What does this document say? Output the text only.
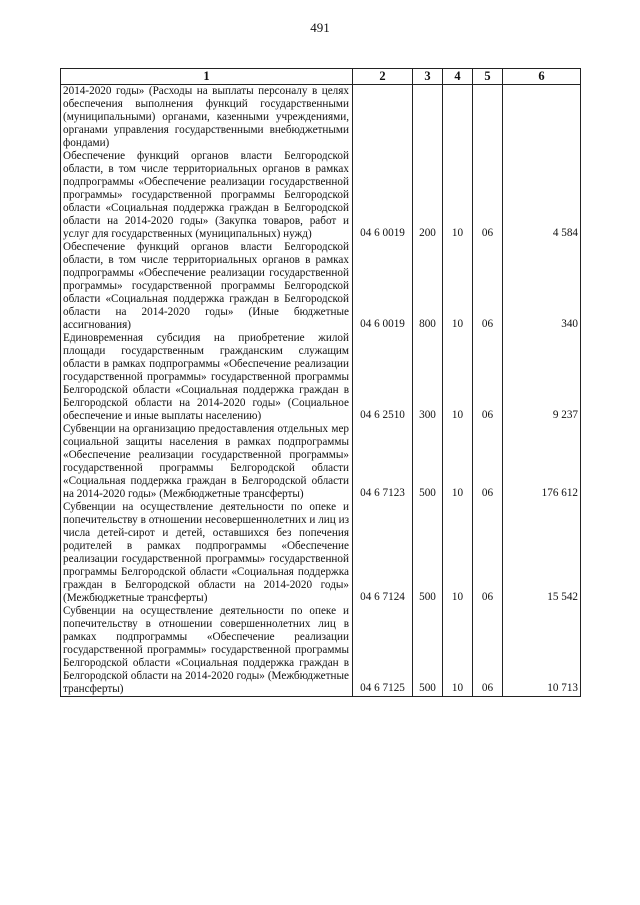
491
1	2	3	4	5	6
2014-2020 годы» (Расходы на выплаты персоналу в целях обеспечения выполнения функций государственными (муниципальными) органами, казенными учреждениями, органами управления государственными внебюджетными фондами)					
Обеспечение функций органов власти Белгородской области, в том числе территориальных органов в рамках подпрограммы «Обеспечение реализации государственной программы» государственной программы Белгородской области «Социальная поддержка граждан в Белгородской области на 2014-2020 годы» (Закупка товаров, работ и услуг для государственных (муниципальных) нужд)	04 6 0019	200	10	06	4 584
Обеспечение функций органов власти Белгородской области, в том числе территориальных органов в рамках подпрограммы «Обеспечение реализации государственной программы» государственной программы Белгородской области «Социальная поддержка граждан в Белгородской области на 2014-2020 годы» (Иные бюджетные ассигнования)	04 6 0019	800	10	06	340
Единовременная субсидия на приобретение жилой площади государственным гражданским служащим области в рамках подпрограммы «Обеспечение реализации государственной программы» государственной программы Белгородской области «Социальная поддержка граждан в Белгородской области на 2014-2020 годы» (Социальное обеспечение и иные выплаты населению)	04 6 2510	300	10	06	9 237
Субвенции на организацию предоставления отдельных мер социальной защиты населения в рамках подпрограммы «Обеспечение реализации государственной программы» государственной программы Белгородской области «Социальная поддержка граждан в Белгородской области на 2014-2020 годы» (Межбюджетные трансферты)	04 6 7123	500	10	06	176 612
Субвенции на осуществление деятельности по опеке и попечительству в отношении несовершеннолетних и лиц из числа детей-сирот и детей, оставшихся без попечения родителей в рамках подпрограммы «Обеспечение реализации государственной программы» государственной программы Белгородской области «Социальная поддержка граждан в Белгородской области на 2014-2020 годы» (Межбюджетные трансферты)	04 6 7124	500	10	06	15 542
Субвенции на осуществление деятельности по опеке и попечительству в отношении совершеннолетних лиц в рамках подпрограммы «Обеспечение реализации государственной программы» государственной программы Белгородской области «Социальная поддержка граждан в Белгородской области на 2014-2020 годы» (Межбюджетные трансферты)	04 6 7125	500	10	06	10 713
